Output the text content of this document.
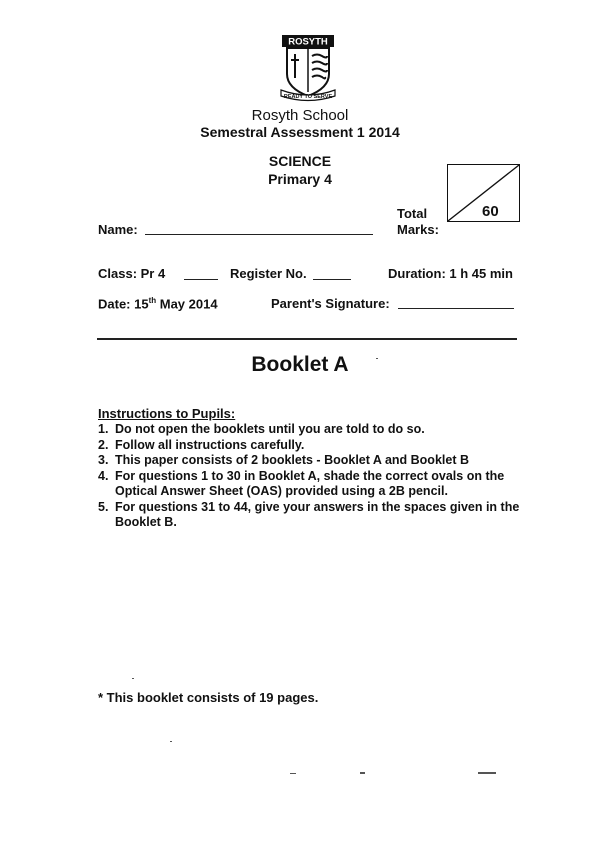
ROSYTH
READY TO SERVE
Rosyth School
Semestral Assessment 1 2014
SCIENCE
Primary 4
Total
Marks:
60
Name:
Class: Pr 4	Register No.	Duration: 1 h 45 min
Date: 15th May 2014	Parent's Signature:
Booklet A
Instructions to Pupils:
1. Do not open the booklets until you are told to do so.
2. Follow all instructions carefully.
3. This paper consists of 2 booklets - Booklet A and Booklet B
4. For questions 1 to 30 in Booklet A, shade the correct ovals on the Optical Answer Sheet (OAS) provided using a 2B pencil.
5. For questions 31 to 44, give your answers in the spaces given in the Booklet B.
* This booklet consists of 19 pages.
